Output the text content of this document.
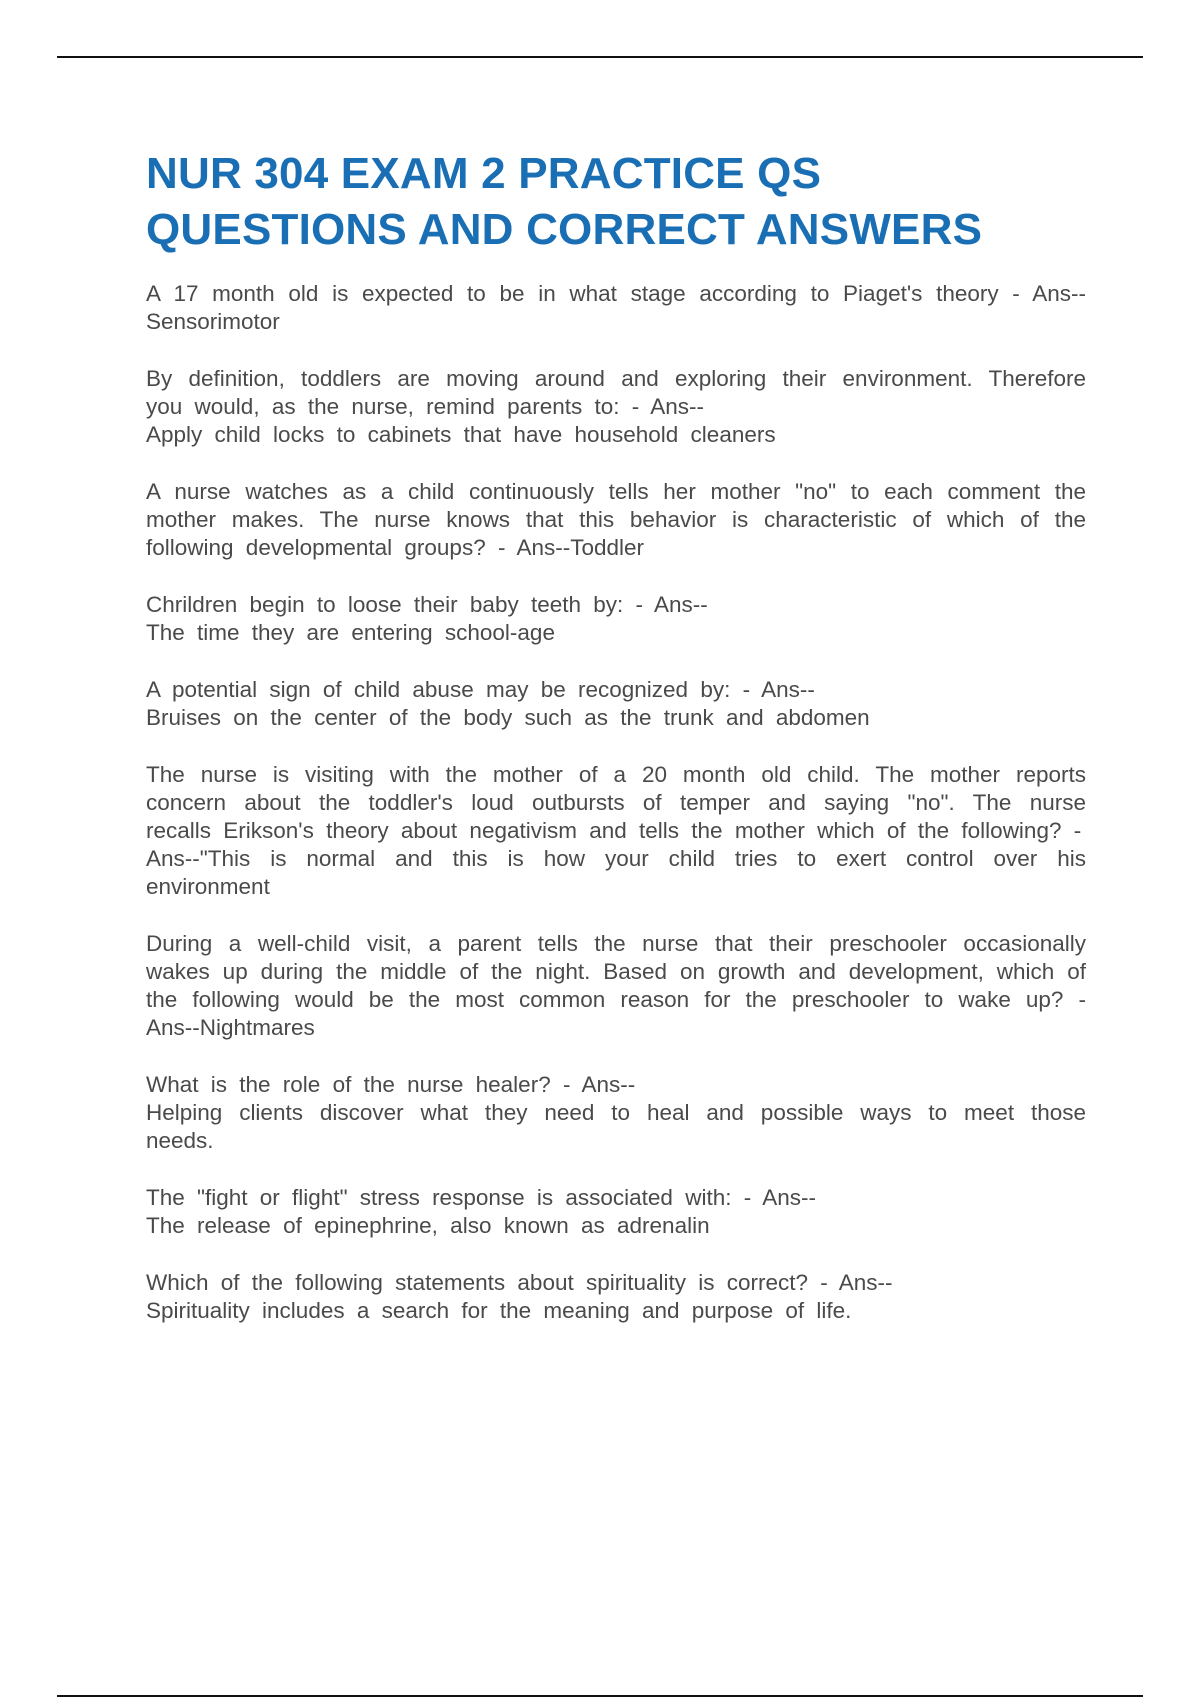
NUR 304 EXAM 2 PRACTICE QS QUESTIONS AND CORRECT ANSWERS

A 17 month old is expected to be in what stage according to Piaget's theory - Ans--Sensorimotor

By definition, toddlers are moving around and exploring their environment. Therefore you would, as the nurse, remind parents to: - Ans--
Apply child locks to cabinets that have household cleaners

A nurse watches as a child continuously tells her mother "no" to each comment the mother makes. The nurse knows that this behavior is characteristic of which of the following developmental groups? - Ans--Toddler

Chrildren begin to loose their baby teeth by: - Ans--
The time they are entering school-age

A potential sign of child abuse may be recognized by: - Ans--
Bruises on the center of the body such as the trunk and abdomen

The nurse is visiting with the mother of a 20 month old child. The mother reports concern about the toddler's loud outbursts of temper and saying "no". The nurse recalls Erikson's theory about negativism and tells the mother which of the following? -
Ans--"This is normal and this is how your child tries to exert control over his environment

During a well-child visit, a parent tells the nurse that their preschooler occasionally wakes up during the middle of the night. Based on growth and development, which of the following would be the most common reason for the preschooler to wake up? - Ans--Nightmares

What is the role of the nurse healer? - Ans--
Helping clients discover what they need to heal and possible ways to meet those needs.

The "fight or flight" stress response is associated with: - Ans--
The release of epinephrine, also known as adrenalin

Which of the following statements about spirituality is correct? - Ans--
Spirituality includes a search for the meaning and purpose of life.
